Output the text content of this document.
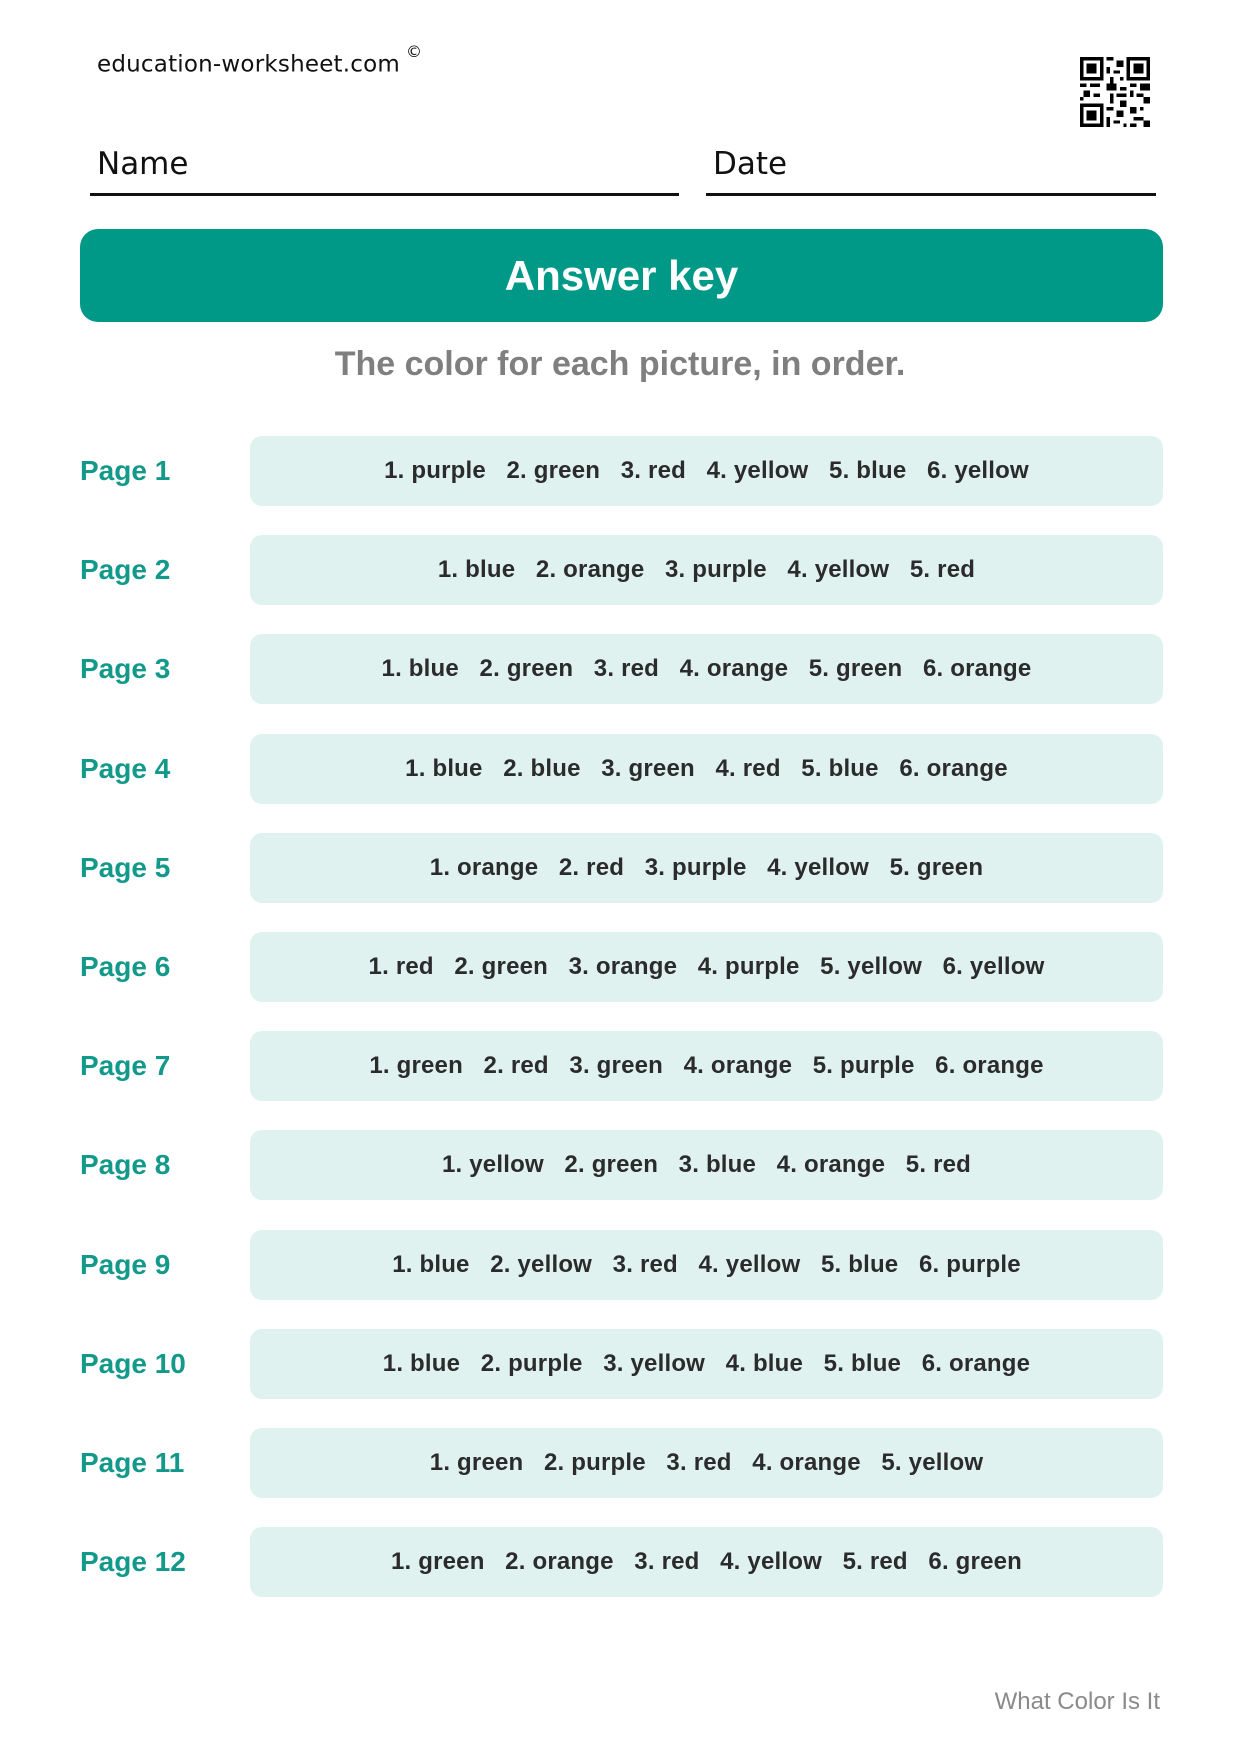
education-worksheet.com©
Name	Date
Answer key
The color for each picture, in order.
Page 1	1. purple   2. green   3. red   4. yellow   5. blue   6. yellow
Page 2	1. blue   2. orange   3. purple   4. yellow   5. red
Page 3	1. blue   2. green   3. red   4. orange   5. green   6. orange
Page 4	1. blue   2. blue   3. green   4. red   5. blue   6. orange
Page 5	1. orange   2. red   3. purple   4. yellow   5. green
Page 6	1. red   2. green   3. orange   4. purple   5. yellow   6. yellow
Page 7	1. green   2. red   3. green   4. orange   5. purple   6. orange
Page 8	1. yellow   2. green   3. blue   4. orange   5. red
Page 9	1. blue   2. yellow   3. red   4. yellow   5. blue   6. purple
Page 10	1. blue   2. purple   3. yellow   4. blue   5. blue   6. orange
Page 11	1. green   2. purple   3. red   4. orange   5. yellow
Page 12	1. green   2. orange   3. red   4. yellow   5. red   6. green
What Color Is It
